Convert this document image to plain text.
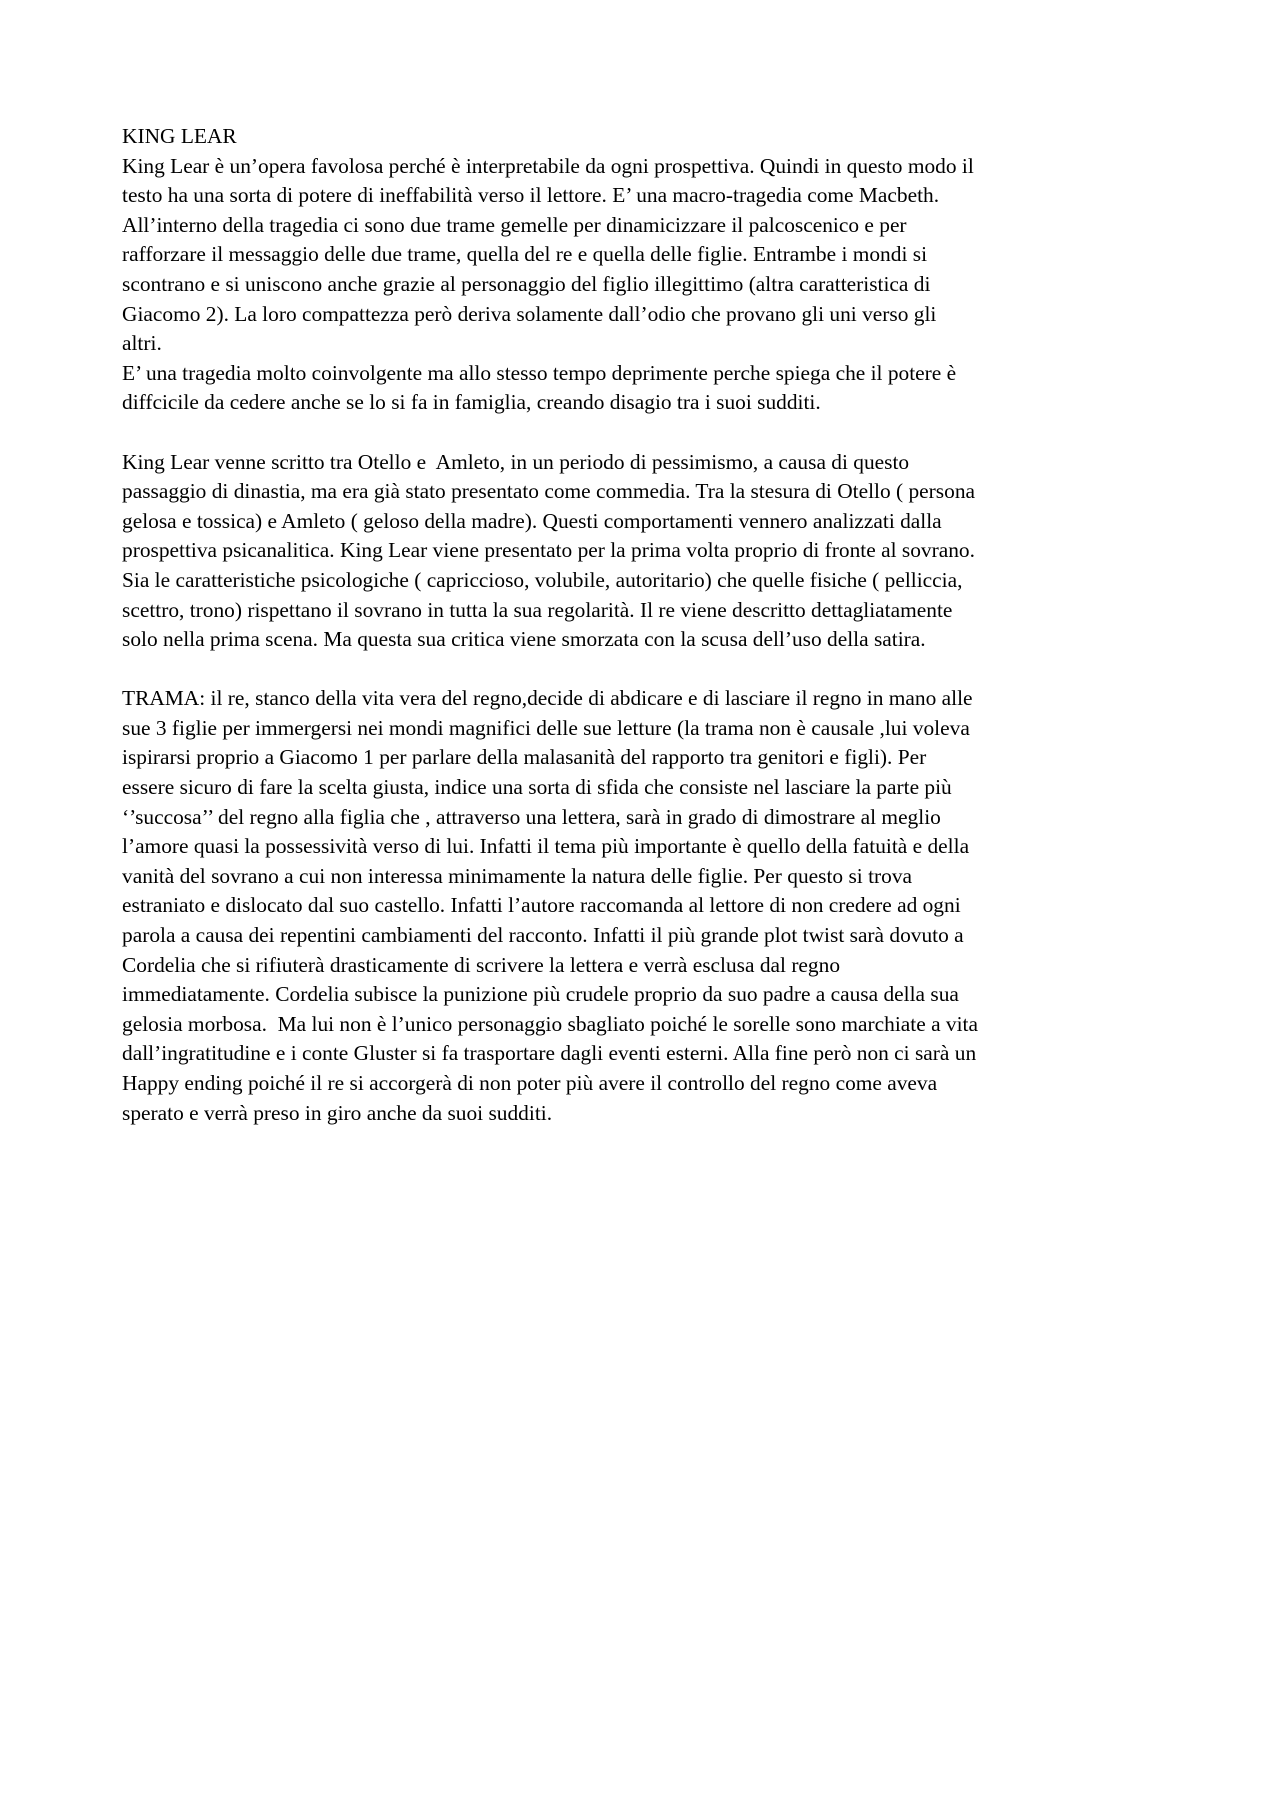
KING LEAR
King Lear è un’opera favolosa perché è interpretabile da ogni prospettiva. Quindi in questo modo il
testo ha una sorta di potere di ineffabilità verso il lettore. E’ una macro-tragedia come Macbeth.
All’interno della tragedia ci sono due trame gemelle per dinamicizzare il palcoscenico e per
rafforzare il messaggio delle due trame, quella del re e quella delle figlie. Entrambe i mondi si
scontrano e si uniscono anche grazie al personaggio del figlio illegittimo (altra caratteristica di
Giacomo 2). La loro compattezza però deriva solamente dall’odio che provano gli uni verso gli
altri.
E’ una tragedia molto coinvolgente ma allo stesso tempo deprimente perche spiega che il potere è
diffcicile da cedere anche se lo si fa in famiglia, creando disagio tra i suoi sudditi.
King Lear venne scritto tra Otello e  Amleto, in un periodo di pessimismo, a causa di questo
passaggio di dinastia, ma era già stato presentato come commedia. Tra la stesura di Otello ( persona
gelosa e tossica) e Amleto ( geloso della madre). Questi comportamenti vennero analizzati dalla
prospettiva psicanalitica. King Lear viene presentato per la prima volta proprio di fronte al sovrano.
Sia le caratteristiche psicologiche ( capriccioso, volubile, autoritario) che quelle fisiche ( pelliccia,
scettro, trono) rispettano il sovrano in tutta la sua regolarità. Il re viene descritto dettagliatamente
solo nella prima scena. Ma questa sua critica viene smorzata con la scusa dell’uso della satira.
TRAMA: il re, stanco della vita vera del regno,decide di abdicare e di lasciare il regno in mano alle
sue 3 figlie per immergersi nei mondi magnifici delle sue letture (la trama non è causale ,lui voleva
ispirarsi proprio a Giacomo 1 per parlare della malasanità del rapporto tra genitori e figli). Per
essere sicuro di fare la scelta giusta, indice una sorta di sfida che consiste nel lasciare la parte più
‘’succosa’’ del regno alla figlia che , attraverso una lettera, sarà in grado di dimostrare al meglio
l’amore quasi la possessività verso di lui. Infatti il tema più importante è quello della fatuità e della
vanità del sovrano a cui non interessa minimamente la natura delle figlie. Per questo si trova
estraniato e dislocato dal suo castello. Infatti l’autore raccomanda al lettore di non credere ad ogni
parola a causa dei repentini cambiamenti del racconto. Infatti il più grande plot twist sarà dovuto a
Cordelia che si rifiuterà drasticamente di scrivere la lettera e verrà esclusa dal regno
immediatamente. Cordelia subisce la punizione più crudele proprio da suo padre a causa della sua
gelosia morbosa.  Ma lui non è l’unico personaggio sbagliato poiché le sorelle sono marchiate a vita
dall’ingratitudine e i conte Gluster si fa trasportare dagli eventi esterni. Alla fine però non ci sarà un
Happy ending poiché il re si accorgerà di non poter più avere il controllo del regno come aveva
sperato e verrà preso in giro anche da suoi sudditi.
